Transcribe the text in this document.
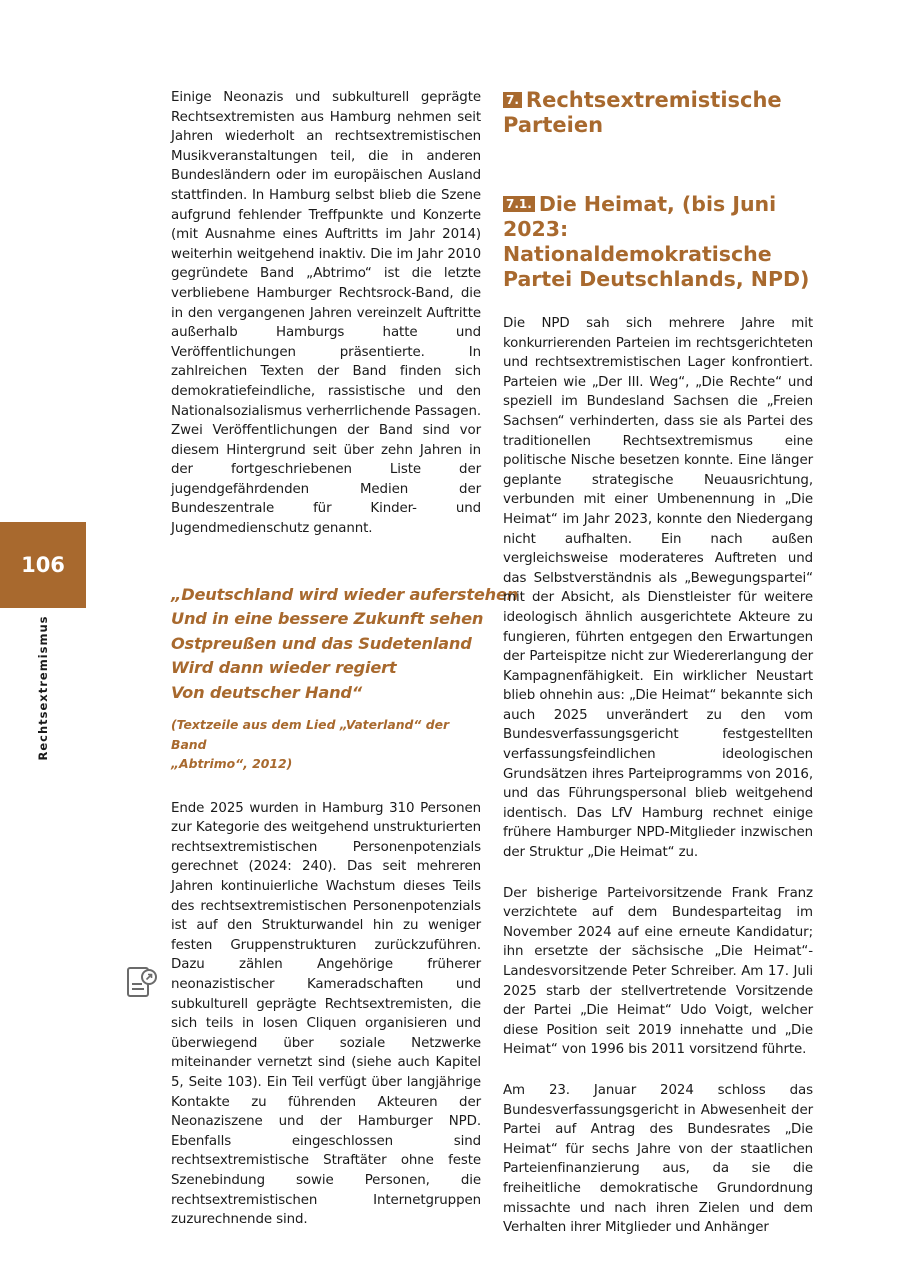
106
Rechtsextremismus

Einige Neonazis und subkulturell geprägte Rechtsextremisten aus Hamburg nehmen seit Jahren wiederholt an rechtsextremistischen Musikveranstaltungen teil, die in anderen Bundesländern oder im europäischen Ausland stattfinden. In Hamburg selbst blieb die Szene aufgrund fehlender Treffpunkte und Konzerte (mit Ausnahme eines Auftritts im Jahr 2014) weiterhin weitgehend inaktiv. Die im Jahr 2010 gegründete Band „Abtrimo“ ist die letzte verbliebene Hamburger Rechtsrock-Band, die in den vergangenen Jahren vereinzelt Auftritte außerhalb Hamburgs hatte und Veröffentlichungen präsentierte. In zahlreichen Texten der Band finden sich demokratiefeindliche, rassistische und den Nationalsozialismus verherrlichende Passagen. Zwei Veröffentlichungen der Band sind vor diesem Hintergrund seit über zehn Jahren in der fortgeschriebenen Liste der jugendgefährdenden Medien der Bundeszentrale für Kinder- und Jugendmedienschutz genannt.

„Deutschland wird wieder auferstehen
Und in eine bessere Zukunft sehen
Ostpreußen und das Sudetenland
Wird dann wieder regiert
Von deutscher Hand“
(Textzeile aus dem Lied „Vaterland“ der Band
„Abtrimo“, 2012)

Ende 2025 wurden in Hamburg 310 Personen zur Kategorie des weitgehend unstrukturierten rechtsextremistischen Personenpotenzials gerechnet (2024: 240). Das seit mehreren Jahren kontinuierliche Wachstum dieses Teils des rechtsextremistischen Personenpotenzials ist auf den Strukturwandel hin zu weniger festen Gruppenstrukturen zurückzuführen. Dazu zählen Angehörige früherer neonazistischer Kameradschaften und subkulturell geprägte Rechtsextremisten, die sich teils in losen Cliquen organisieren und überwiegend über soziale Netzwerke miteinander vernetzt sind (siehe auch Kapitel 5, Seite 103). Ein Teil verfügt über langjährige Kontakte zu führenden Akteuren der Neonaziszene und der Hamburger NPD. Ebenfalls eingeschlossen sind rechtsextremistische Straftäter ohne feste Szenebindung sowie Personen, die rechtsextremistischen Internetgruppen zuzurechnende sind.

7. Rechtsextremistische Parteien
7.1. Die Heimat, (bis Juni 2023: Nationaldemokratische Partei Deutschlands, NPD)

Die NPD sah sich mehrere Jahre mit konkurrierenden Parteien im rechtsgerichteten und rechtsextremistischen Lager konfrontiert. Parteien wie „Der III. Weg“, „Die Rechte“ und speziell im Bundesland Sachsen die „Freien Sachsen“ verhinderten, dass sie als Partei des traditionellen Rechtsextremismus eine politische Nische besetzen konnte. Eine länger geplante strategische Neuausrichtung, verbunden mit einer Umbenennung in „Die Heimat“ im Jahr 2023, konnte den Niedergang nicht aufhalten. Ein nach außen vergleichsweise moderateres Auftreten und das Selbstverständnis als „Bewegungspartei“ mit der Absicht, als Dienstleister für weitere ideologisch ähnlich ausgerichtete Akteure zu fungieren, führten entgegen den Erwartungen der Parteispitze nicht zur Wiedererlangung der Kampagnenfähigkeit. Ein wirklicher Neustart blieb ohnehin aus: „Die Heimat“ bekannte sich auch 2025 unverändert zu den vom Bundesverfassungsgericht festgestellten verfassungsfeindlichen ideologischen Grundsätzen ihres Parteiprogramms von 2016, und das Führungspersonal blieb weitgehend identisch. Das LfV Hamburg rechnet einige frühere Hamburger NPD-Mitglieder inzwischen der Struktur „Die Heimat“ zu.

Der bisherige Parteivorsitzende Frank Franz verzichtete auf dem Bundesparteitag im November 2024 auf eine erneute Kandidatur; ihn ersetzte der sächsische „Die Heimat“-Landesvorsitzende Peter Schreiber. Am 17. Juli 2025 starb der stellvertretende Vorsitzende der Partei „Die Heimat“ Udo Voigt, welcher diese Position seit 2019 innehatte und „Die Heimat“ von 1996 bis 2011 vorsitzend führte.

Am 23. Januar 2024 schloss das Bundesverfassungsgericht in Abwesenheit der Partei auf Antrag des Bundesrates „Die Heimat“ für sechs Jahre von der staatlichen Parteienfinanzierung aus, da sie die freiheitliche demokratische Grundordnung missachte und nach ihren Zielen und dem Verhalten ihrer Mitglieder und Anhänger
